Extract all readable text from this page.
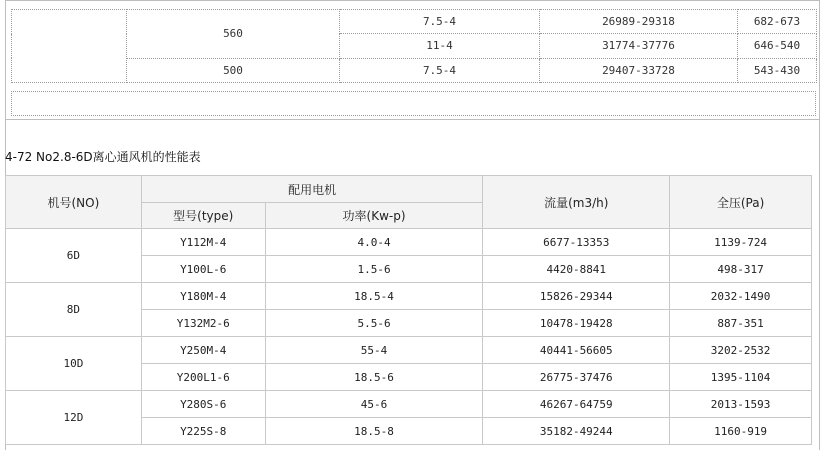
	560	7.5-4	26989-29318	682-673
		11-4	31774-37776	646-540
	500	7.5-4	29407-33728	543-430
4-72 No2.8-6D离心通风机的性能表
机号(NO)	配用电机		流量(m3/h)	全压(Pa)
	型号(type)	功率(Kw-p)		
6D	Y112M-4	4.0-4	6677-13353	1139-724
	Y100L-6	1.5-6	4420-8841	498-317
8D	Y180M-4	18.5-4	15826-29344	2032-1490
	Y132M2-6	5.5-6	10478-19428	887-351
10D	Y250M-4	55-4	40441-56605	3202-2532
	Y200L1-6	18.5-6	26775-37476	1395-1104
12D	Y280S-6	45-6	46267-64759	2013-1593
	Y225S-8	18.5-8	35182-49244	1160-919
